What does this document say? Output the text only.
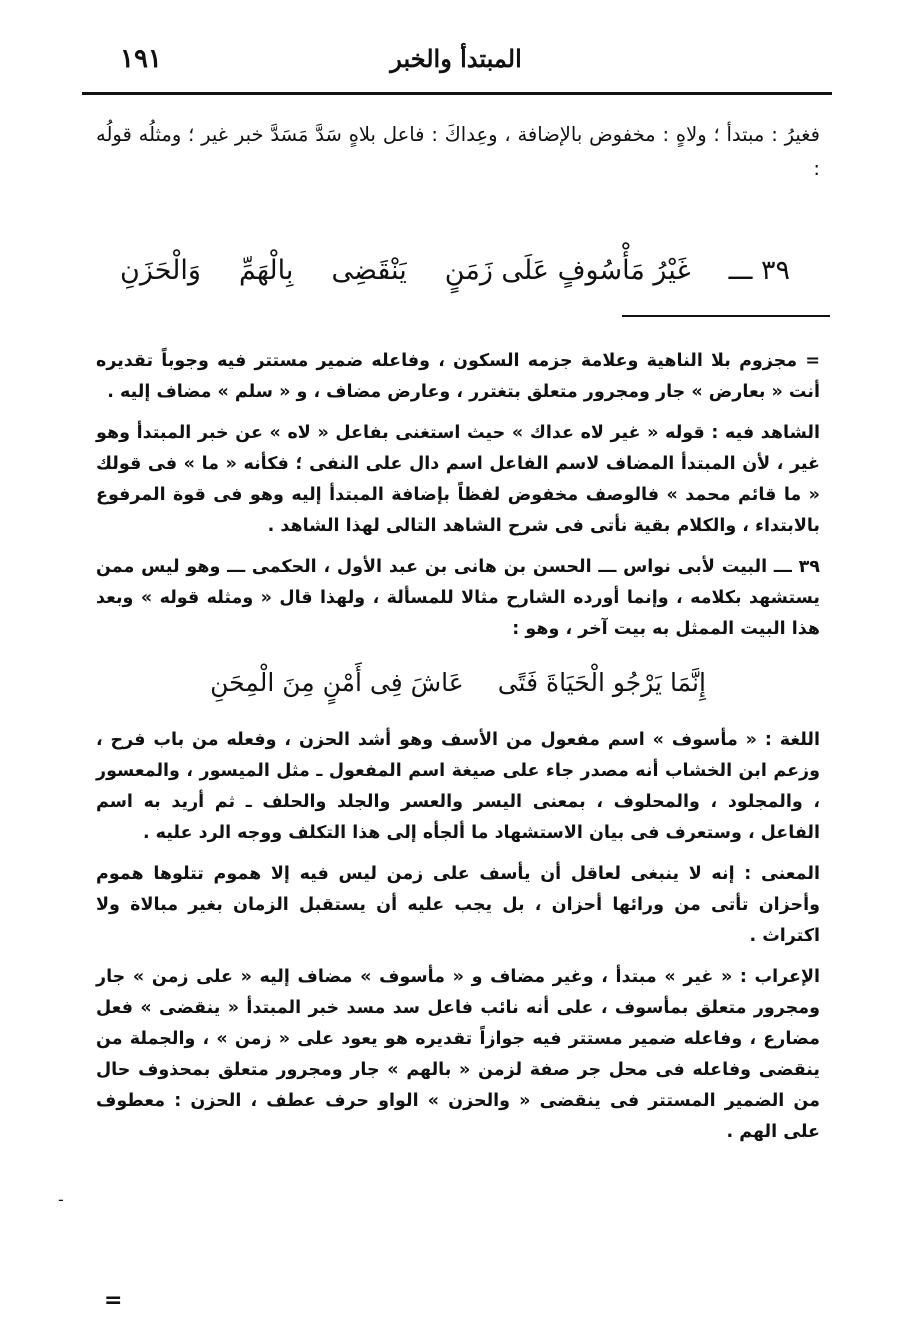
١٩١	المبتدأ والخبر

فغيرُ : مبتدأ ؛ ولاهٍ : مخفوض بالإضافة ، وعِداكَ : فاعل بلاهٍ سَدَّ مَسَدَّ خبر غير ؛ ومثلُه قولُه :

٣٩ ـــ
غَيْرُ مَأْسُوفٍ عَلَى زَمَنٍ
يَنْقَضِى
بِالْهَمِّ
وَالْحَزَنِ

= مجزوم بلا الناهية وعلامة جزمه السكون ، وفاعله ضمير مستتر فيه وجوباً تقديره أنت « بعارض » جار ومجرور متعلق بتغترر ، وعارض مضاف ، و « سلم » مضاف إليه .

الشاهد فيه : قوله « غير لاه عداك » حيث استغنى بفاعل « لاه » عن خبر المبتدأ وهو غير ، لأن المبتدأ المضاف لاسم الفاعل اسم دال على النفى ؛ فكأنه « ما » فى قولك « ما قائم محمد » فالوصف مخفوض لفظاً بإضافة المبتدأ إليه وهو فى قوة المرفوع بالابتداء ، والكلام بقية نأتى فى شرح الشاهد التالى لهذا الشاهد .

٣٩ ـــ البيت لأبى نواس ـــ الحسن بن هانى بن عبد الأول ، الحكمى ـــ وهو ليس ممن يستشهد بكلامه ، وإنما أورده الشارح مثالا للمسألة ، ولهذا قال « ومثله قوله » وبعد هذا البيت الممثل به بيت آخر ، وهو :

إِنَّمَا يَرْجُو الْحَيَاةَ فَتًى
عَاشَ فِى أَمْنٍ مِنَ الْمِحَنِ

اللغة : « مأسوف » اسم مفعول من الأسف وهو أشد الحزن ، وفعله من باب فرح ، وزعم ابن الخشاب أنه مصدر جاء على صيغة اسم المفعول ـ مثل الميسور ، والمعسور ، والمجلود ، والمحلوف ، بمعنى اليسر والعسر والجلد والحلف ـ ثم أريد به اسم الفاعل ، وستعرف فى بيان الاستشهاد ما ألجأه إلى هذا التكلف ووجه الرد عليه .

المعنى : إنه لا ينبغى لعاقل أن يأسف على زمن ليس فيه إلا هموم تتلوها هموم وأحزان تأتى من ورائها أحزان ، بل يجب عليه أن يستقبل الزمان بغير مبالاة ولا اكتراث .

الإعراب : « غير » مبتدأ ، وغير مضاف و « مأسوف » مضاف إليه « على زمن » جار ومجرور متعلق بمأسوف ، على أنه نائب فاعل سد مسد خبر المبتدأ « ينقضى » فعل مضارع ، وفاعله ضمير مستتر فيه جوازاً تقديره هو يعود على « زمن » ، والجملة من ينقضى وفاعله فى محل جر صفة لزمن « بالهم » جار ومجرور متعلق بمحذوف حال من الضمير المستتر فى ينقضى « والحزن » الواو حرف عطف ، الحزن : معطوف على الهم .

-
=
